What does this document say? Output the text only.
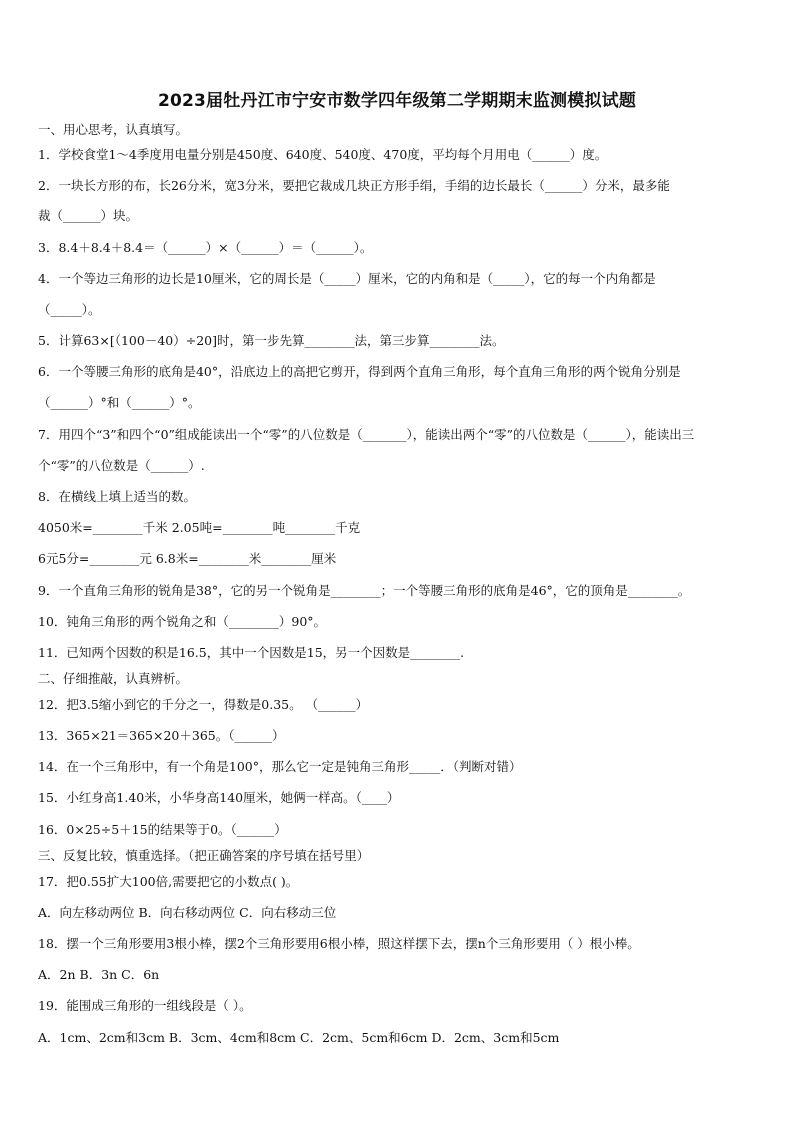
2023届牡丹江市宁安市数学四年级第二学期期末监测模拟试题
一、用心思考，认真填写。
1．学校食堂1～4季度用电量分别是450度、640度、540度、470度，平均每个月用电（______）度。
2．一块长方形的布，长26分米，宽3分米，要把它裁成几块正方形手绢，手绢的边长最长（______）分米，最多能
裁（______）块。
3．8.4＋8.4＋8.4＝（______）×（______）＝（______）。
4．一个等边三角形的边长是10厘米，它的周长是（_____）厘米，它的内角和是（_____），它的每一个内角都是
（_____）。
5．计算63×[（100－40）÷20]时，第一步先算________法，第三步算________法。
6．一个等腰三角形的底角是40°，沿底边上的高把它剪开，得到两个直角三角形，每个直角三角形的两个锐角分别是
（______）°和（______）°。
7．用四个“3”和四个“0”组成能读出一个“零”的八位数是（_______），能读出两个“零”的八位数是（______），能读出三
个“零”的八位数是（______）.
8．在横线上填上适当的数。
4050米=________千米 2.05吨=________吨________千克
6元5分=________元 6.8米=________米________厘米
9．一个直角三角形的锐角是38°，它的另一个锐角是________；一个等腰三角形的底角是46°，它的顶角是________。
10．钝角三角形的两个锐角之和（________）90°。
11．已知两个因数的积是16.5，其中一个因数是15，另一个因数是________.
二、仔细推敲，认真辨析。
12．把3.5缩小到它的千分之一，得数是0.35。 （______）
13．365×21＝365×20＋365。（______）
14．在一个三角形中，有一个角是100°，那么它一定是钝角三角形_____．（判断对错）
15．小红身高1.40米，小华身高140厘米，她俩一样高。（____）
16．0×25÷5＋15的结果等于0。（______）
三、反复比较，慎重选择。（把正确答案的序号填在括号里）
17．把0.55扩大100倍,需要把它的小数点( )。
A．向左移动两位 B．向右移动两位 C．向右移动三位
18．摆一个三角形要用3根小棒，摆2个三角形要用6根小棒，照这样摆下去，摆n个三角形要用（ ）根小棒。
A．2n B．3n C．6n
19．能围成三角形的一组线段是（ ）。
A．1cm、2cm和3cm B．3cm、4cm和8cm C．2cm、5cm和6cm D．2cm、3cm和5cm
